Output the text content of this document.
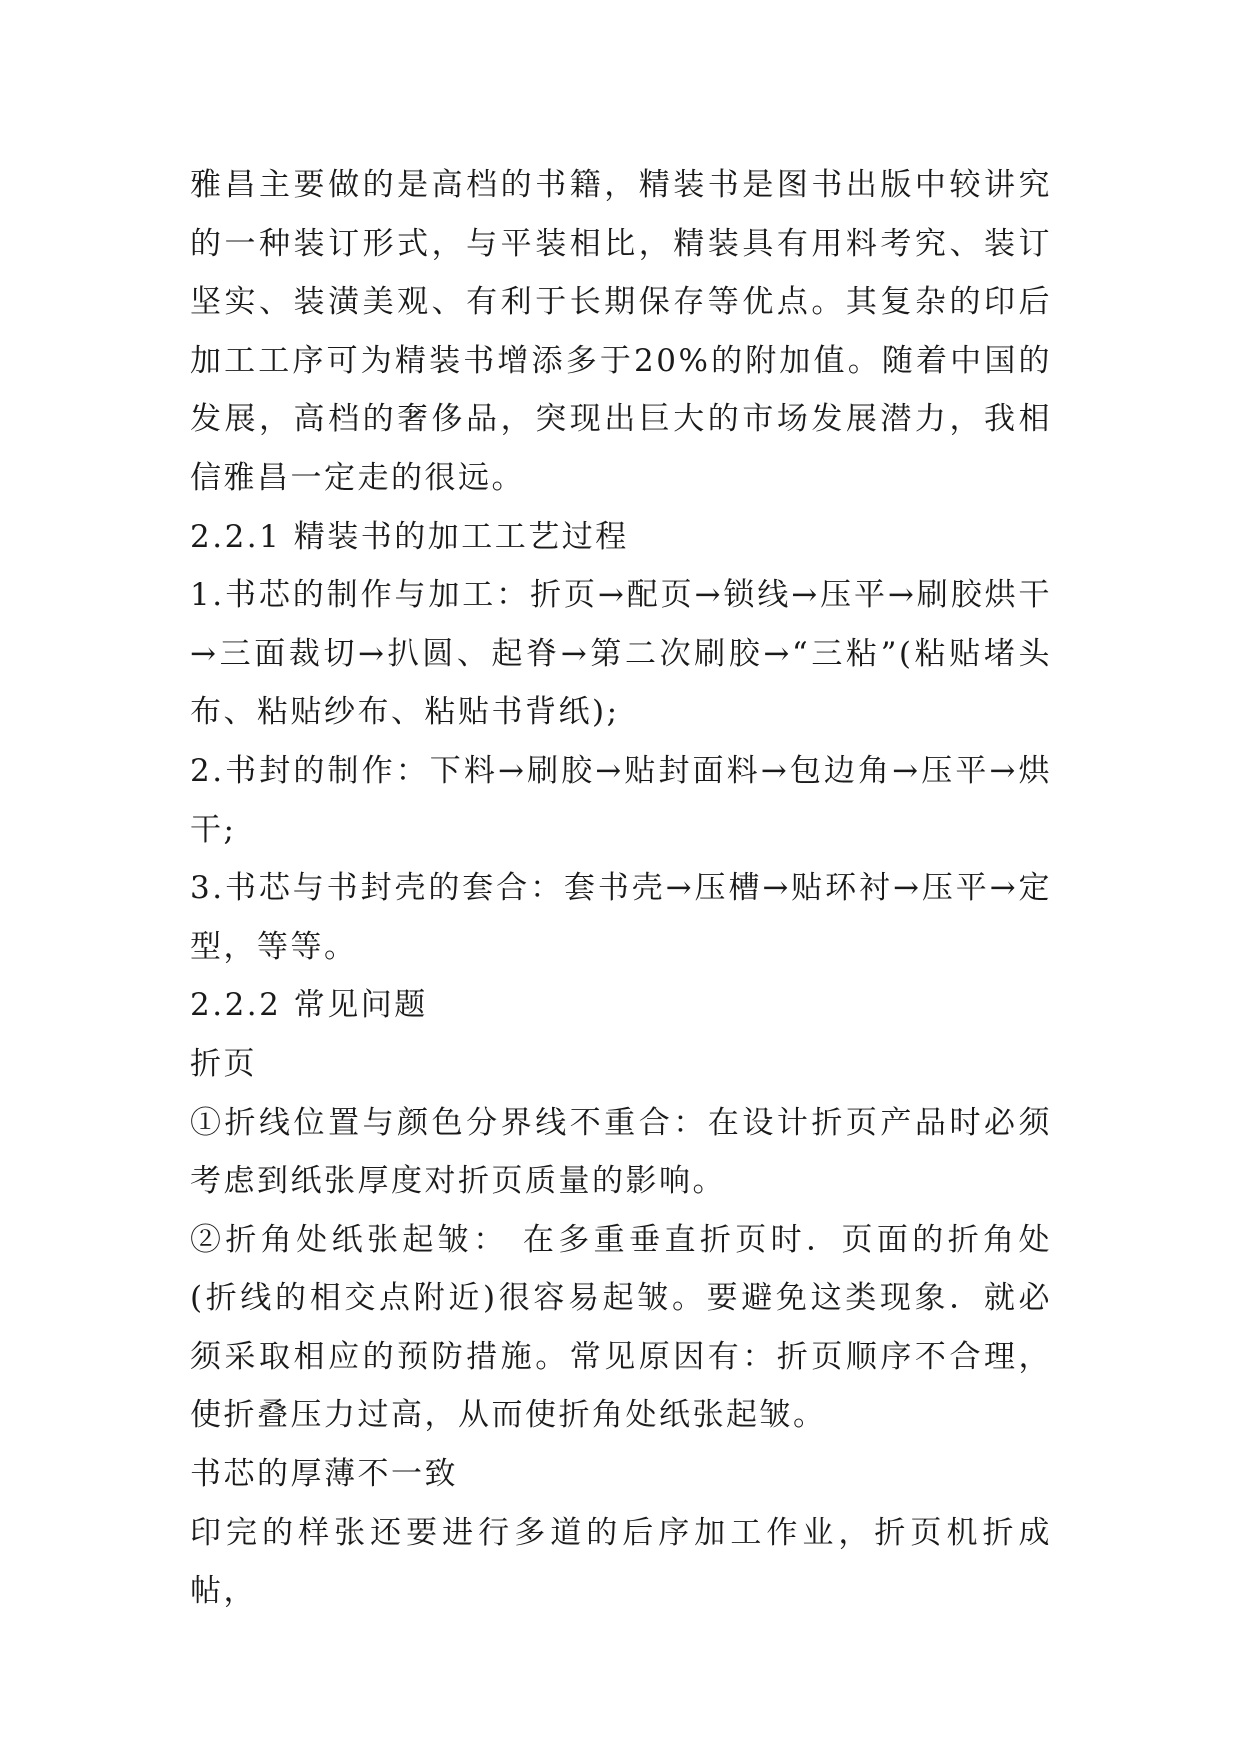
雅昌主要做的是高档的书籍，精装书是图书出版中较讲究的一种装订形式，与平装相比，精装具有用料考究、装订坚实、装潢美观、有利于长期保存等优点。其复杂的印后加工工序可为精装书增添多于20%的附加值。随着中国的发展，高档的奢侈品，突现出巨大的市场发展潜力，我相信雅昌一定走的很远。

2.2.1 精装书的加工工艺过程

1.书芯的制作与加工：折页→配页→锁线→压平→刷胶烘干→三面裁切→扒圆、起脊→第二次刷胶→“三粘”(粘贴堵头布、粘贴纱布、粘贴书背纸);

2.书封的制作：下料→刷胶→贴封面料→包边角→压平→烘干;

3.书芯与书封壳的套合：套书壳→压槽→贴环衬→压平→定型，等等。

2.2.2 常见问题

折页

①折线位置与颜色分界线不重合：在设计折页产品时必须考虑到纸张厚度对折页质量的影响。

②折角处纸张起皱： 在多重垂直折页时．页面的折角处(折线的相交点附近)很容易起皱。要避免这类现象．就必须采取相应的预防措施。常见原因有：折页顺序不合理，使折叠压力过高，从而使折角处纸张起皱。

书芯的厚薄不一致

印完的样张还要进行多道的后序加工作业，折页机折成帖，
